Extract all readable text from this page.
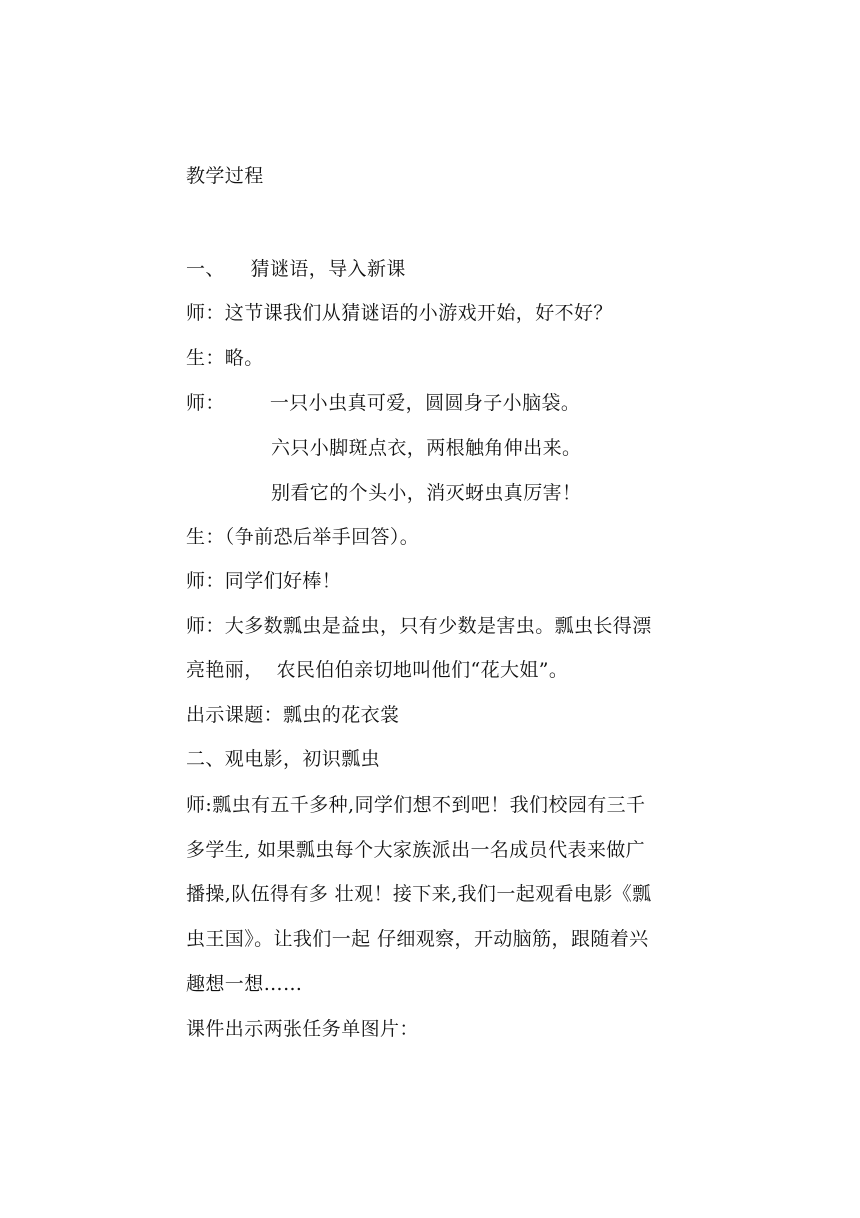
教学过程
一、    猜谜语，导入新课
师：这节课我们从猜谜语的小游戏开始，好不好？
生：略。
师：       一只小虫真可爱，圆圆身子小脑袋。
六只小脚斑点衣，两根触角伸出来。
别看它的个头小，消灭蚜虫真厉害！
生：（争前恐后举手回答）。
师：同学们好棒！
师：大多数瓢虫是益虫，只有少数是害虫。瓢虫长得漂
亮艳丽，  农民伯伯亲切地叫他们“花大姐”。
出示课题：瓢虫的花衣裳
二、观电影，初识瓢虫
师:瓢虫有五千多种,同学们想不到吧！我们校园有三千
多学生, 如果瓢虫每个大家族派出一名成员代表来做广
播操,队伍得有多 壮观！接下来,我们一起观看电影《瓢
虫王国》。让我们一起 仔细观察，开动脑筋，跟随着兴
趣想一想……
课件出示两张任务单图片：
